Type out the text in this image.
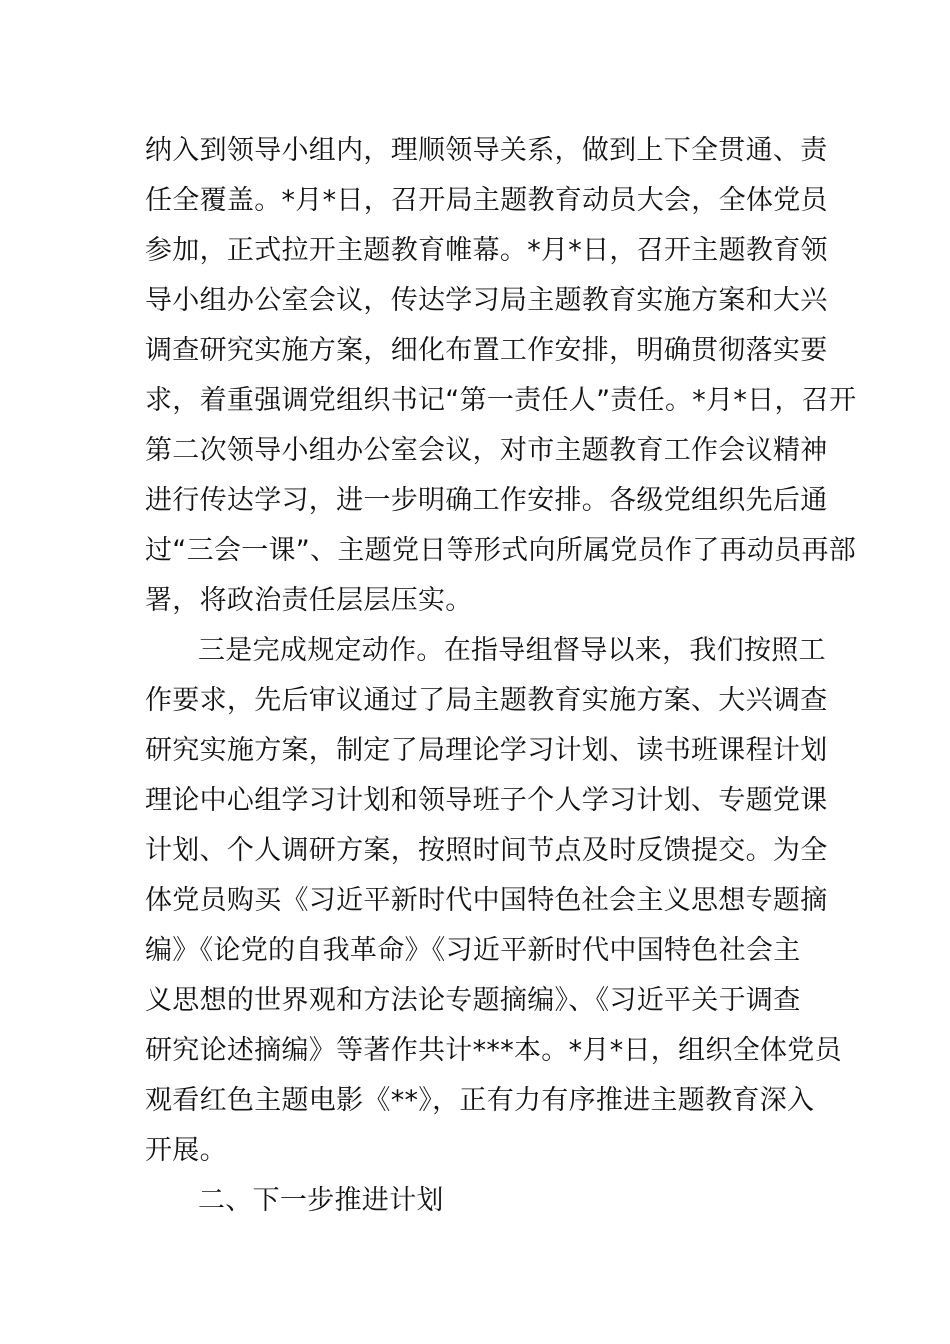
纳入到领导小组内，理顺领导关系，做到上下全贯通、责
任全覆盖。*月*日，召开局主题教育动员大会，全体党员
参加，正式拉开主题教育帷幕。*月*日，召开主题教育领
导小组办公室会议，传达学习局主题教育实施方案和大兴
调查研究实施方案，细化布置工作安排，明确贯彻落实要
求，着重强调党组织书记“第一责任人”责任。*月*日，召开
第二次领导小组办公室会议，对市主题教育工作会议精神
进行传达学习，进一步明确工作安排。各级党组织先后通
过“三会一课”、主题党日等形式向所属党员作了再动员再部
署，将政治责任层层压实。
三是完成规定动作。在指导组督导以来，我们按照工
作要求，先后审议通过了局主题教育实施方案、大兴调查
研究实施方案，制定了局理论学习计划、读书班课程计划
理论中心组学习计划和领导班子个人学习计划、专题党课
计划、个人调研方案，按照时间节点及时反馈提交。为全
体党员购买《习近平新时代中国特色社会主义思想专题摘
编》《论党的自我革命》《习近平新时代中国特色社会主
义思想的世界观和方法论专题摘编》、《习近平关于调查
研究论述摘编》等著作共计***本。*月*日，组织全体党员
观看红色主题电影《**》，正有力有序推进主题教育深入
开展。
二、下一步推进计划
